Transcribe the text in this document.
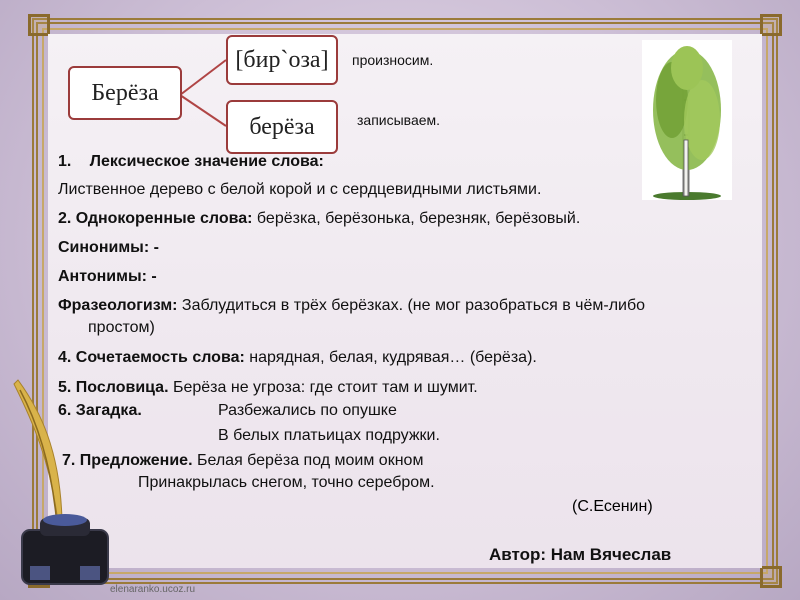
Берёза
[бир`оза]
берёза
произносим.
записываем.
1. Лексическое значение слова:
Лиственное дерево с белой корой и с сердцевидными листьями.
2. Однокоренные слова: берёзка, берёзонька, березняк, берёзовый.
Синонимы: -
Антонимы: -
Фразеологизм: Заблудиться в трёх берёзках. (не мог разобраться в чём-либо
простом)
4. Сочетаемость слова: нарядная, белая, кудрявая… (берёза).
5. Пословица. Берёза не угроза: где стоит там и шумит.
6. Загадка.	Разбежались по опушке
В белых платьицах подружки.
7. Предложение. Белая берёза под моим окном
Принакрылась снегом, точно серебром.
(С.Есенин)
Автор: Нам Вячеслав
elenaranko.ucoz.ru
